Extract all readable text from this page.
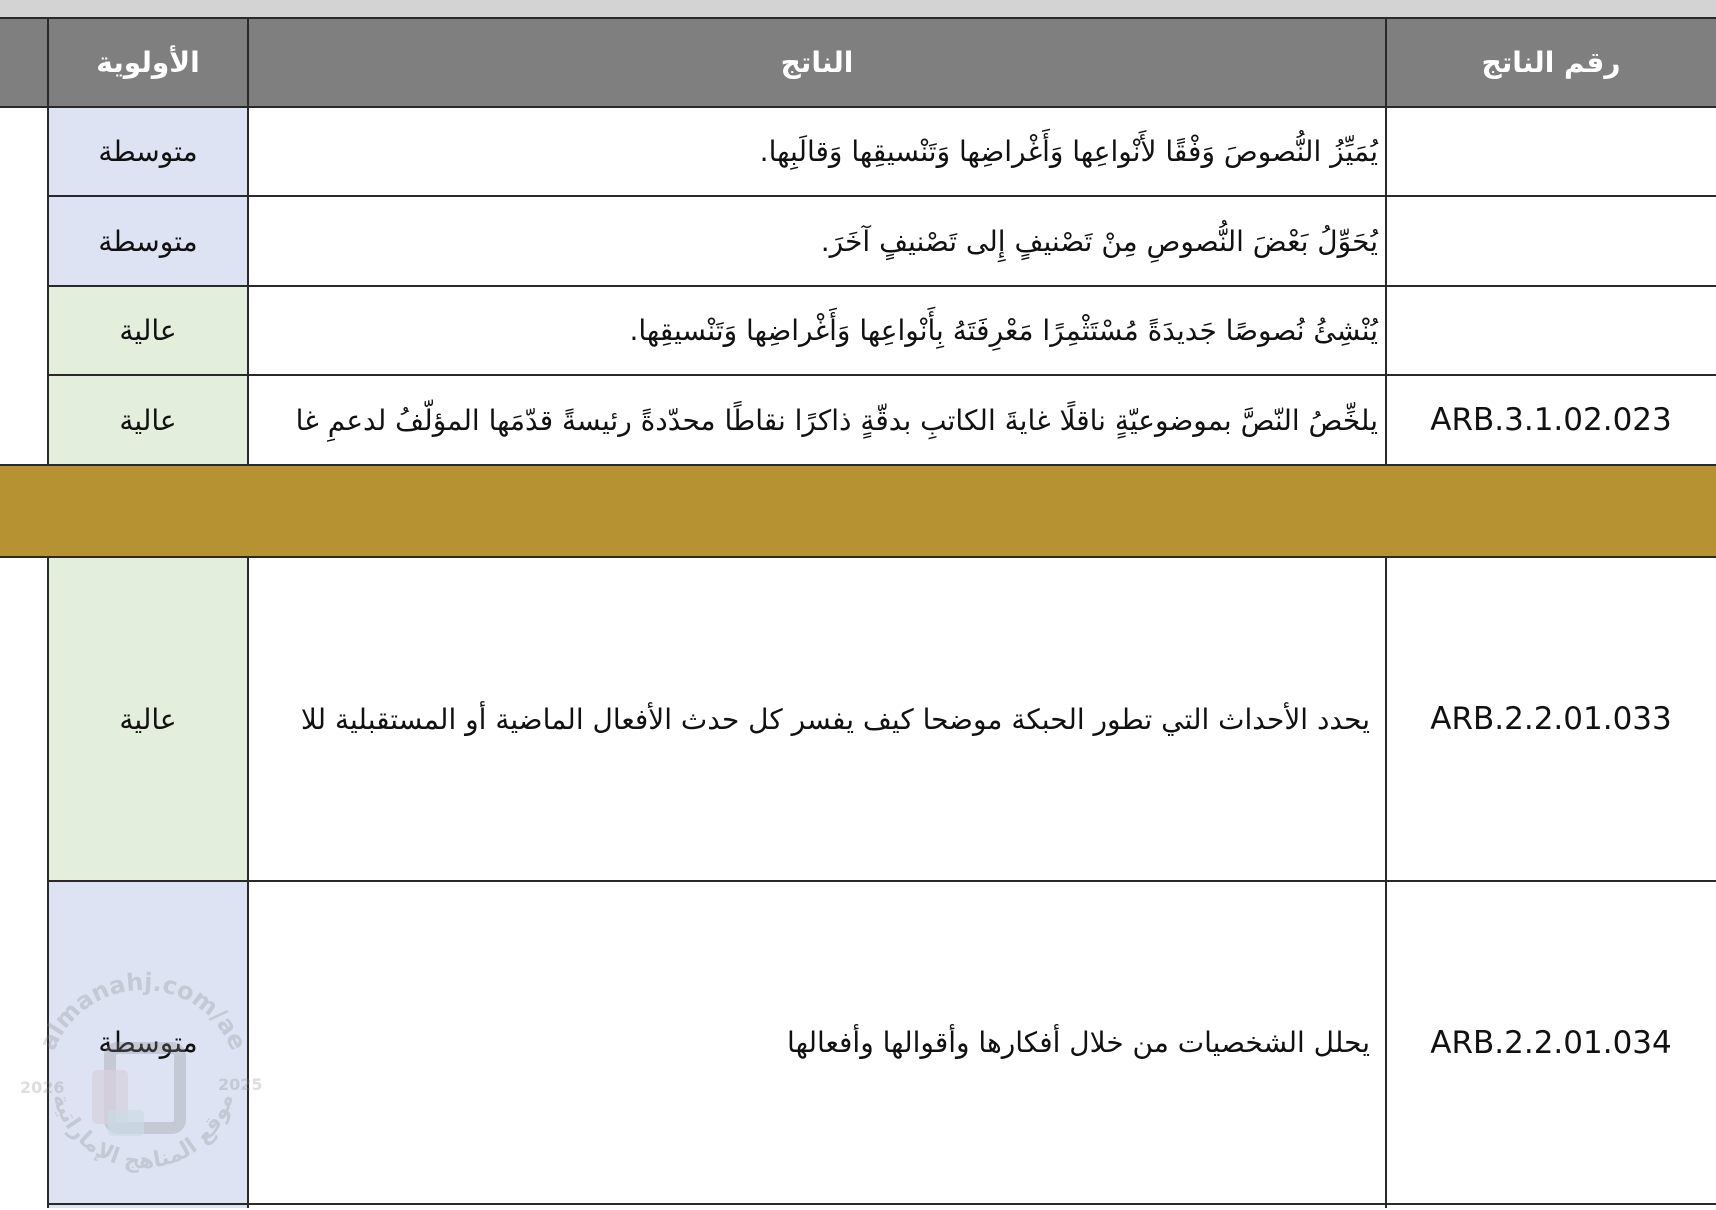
الأولوية	الناتج	رقم الناتج
متوسطة	يُمَيِّزُ النُّصوصَ وَفْقًا لأَنْواعِها وَأَغْراضِها وَتَنْسيقِها وَقالَبِها.
متوسطة	يُحَوِّلُ بَعْضَ النُّصوصِ مِنْ تَصْنيفٍ إِلى تَصْنيفٍ آخَرَ.
عالية	يُنْشِئُ نُصوصًا جَديدَةً مُسْتَثْمِرًا مَعْرِفَتَهُ بِأَنْواعِها وَأَغْراضِها وَتَنْسيقِها.
عالية	يلخِّصُ النّصَّ بموضوعيّةٍ ناقلًا غايةَ الكاتبِ بدقّةٍ ذاكرًا نقاطًا محدّدةً رئيسةً قدّمَها المؤلّفُ لدعمِ غا	ARB.3.1.02.023
عالية	يحدد الأحداث التي تطور الحبكة موضحا كيف يفسر كل حدث الأفعال الماضية أو المستقبلية للا	ARB.2.2.01.033
متوسطة	يحلل الشخصيات من خلال أفكارها وأقوالها وأفعالها	ARB.2.2.01.034
almanahj.com/ae
موقع المناهج الإماراتية
2026	2025
